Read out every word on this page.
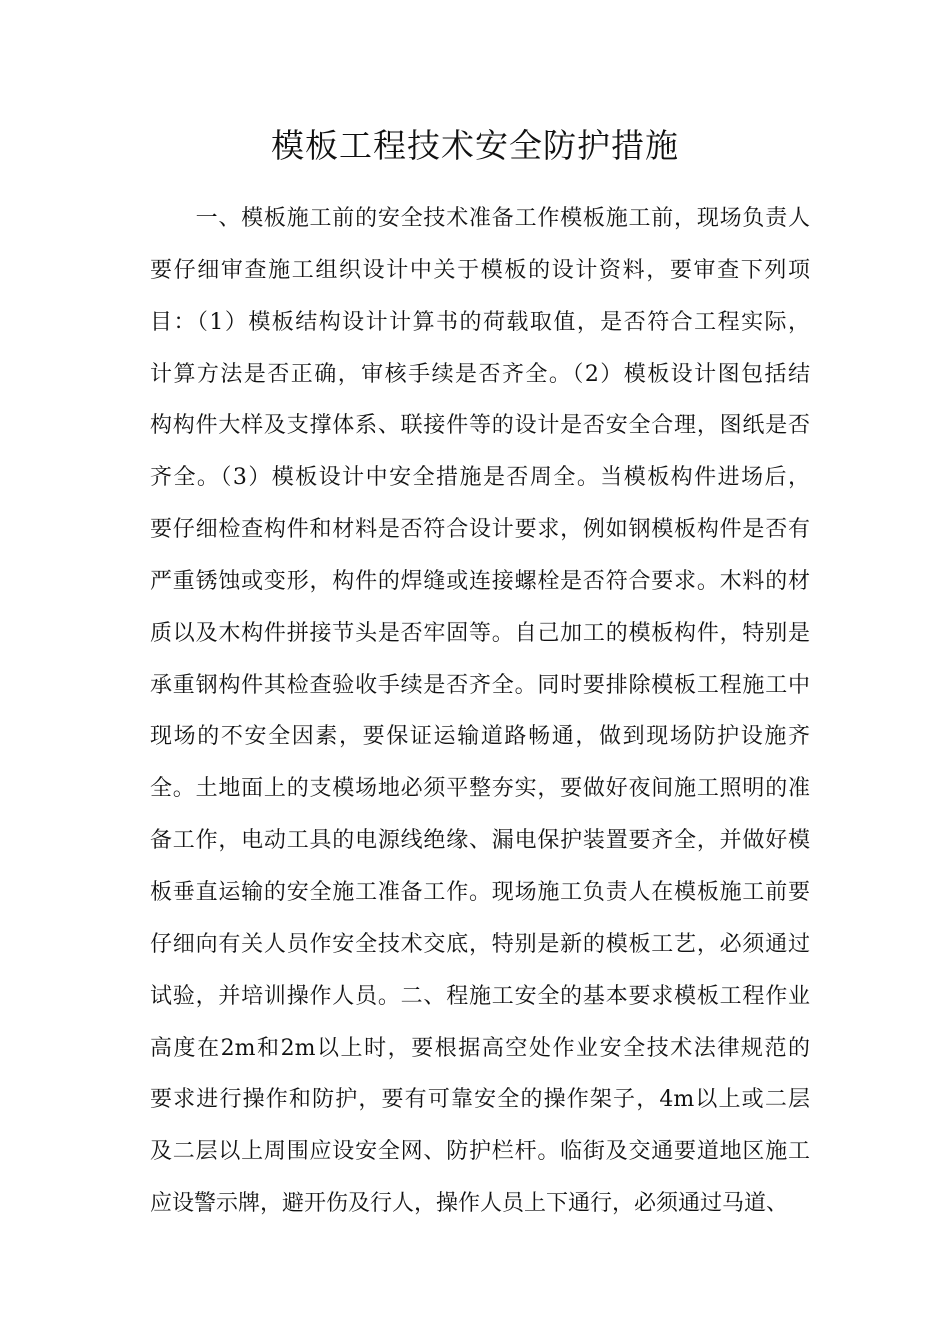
模板工程技术安全防护措施
　　一、模板施工前的安全技术准备工作模板施工前，现场负责人
要仔细审查施工组织设计中关于模板的设计资料，要审查下列项
目：（1）模板结构设计计算书的荷载取值，是否符合工程实际，
计算方法是否正确，审核手续是否齐全。（2）模板设计图包括结
构构件大样及支撑体系、联接件等的设计是否安全合理，图纸是否
齐全。（3）模板设计中安全措施是否周全。当模板构件进场后，
要仔细检查构件和材料是否符合设计要求，例如钢模板构件是否有
严重锈蚀或变形，构件的焊缝或连接螺栓是否符合要求。木料的材
质以及木构件拼接节头是否牢固等。自己加工的模板构件，特别是
承重钢构件其检查验收手续是否齐全。同时要排除模板工程施工中
现场的不安全因素，要保证运输道路畅通，做到现场防护设施齐
全。土地面上的支模场地必须平整夯实，要做好夜间施工照明的准
备工作，电动工具的电源线绝缘、漏电保护装置要齐全，并做好模
板垂直运输的安全施工准备工作。现场施工负责人在模板施工前要
仔细向有关人员作安全技术交底，特别是新的模板工艺，必须通过
试验，并培训操作人员。二、程施工安全的基本要求模板工程作业
高度在2m和2m以上时，要根据高空处作业安全技术法律规范的
要求进行操作和防护，要有可靠安全的操作架子，4m以上或二层
及二层以上周围应设安全网、防护栏杆。临街及交通要道地区施工
应设警示牌，避开伤及行人，操作人员上下通行，必须通过马道、
